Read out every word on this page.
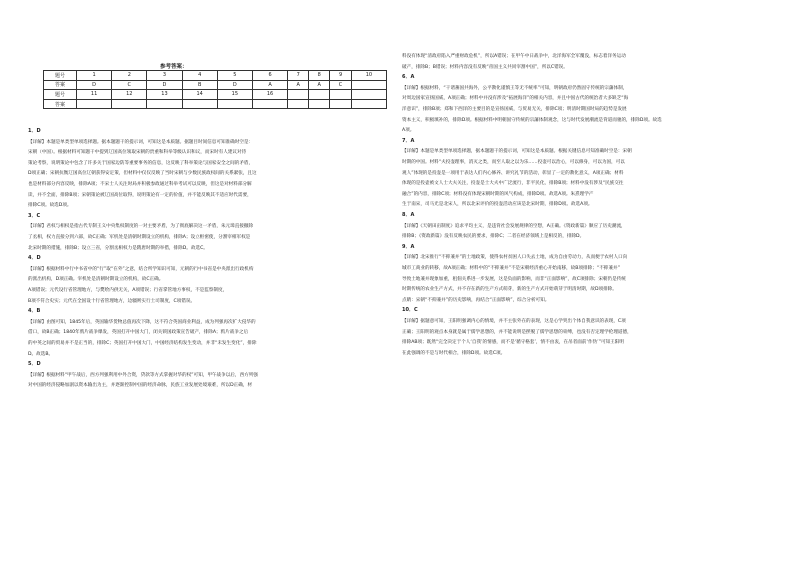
参考答案：
题号	1	2	3	4	5	6	7	8	9	10
答案	D	C	D	B	D	A	A	A	C	
题号	11	12	13	14	15	16				
答案										
1．D
【详解】本题是单类型单项选择题。据本题题干的提示词，可知这是本质题。据题目时间信息可知准确时空是：
宋朝（中国）。根据材料可知题干中提到辽国高位领取宋朝的贵重和科举等级认识和议，而宋时有人建议对待
策论考察，说明策论中包含了许多关于国家边防等重要事务的信息，这反映了科举策论与国家安全之间的矛盾，
D项正确；宋朝抗衡辽国高位辽朝获得安定策，但材料中仅仅反映了当时宋朝与少数民族政权间的关系紧张，且这
也是材料部分内容反映，排除A项；不宋士人关注时局并积极参政通过科举考试可以反映，但这是对材料部分解
读，并不全面，排除B项；宋朝策论被辽国高位取得，说明策论有一定的价值，并不能反映其不适应时代需要，
排除C项。故选D项。
3．C
【详解】君权与相权是指古代专制王义中央集权制度的一对主要矛盾，为了彻底解决这一矛盾，朱元璋直接撤除
了丞相，权力直接分到六部，故C正确；军机处是清朝时期设立的机构，排除A；设立枢密使，分割宰相军权是
北宋时期的措施，排除B；设立三省，分割丞相权力是隋唐时期的举措，排除D。故选C。
4．D
【详解】根据材料中行中书省中的“行”取“在外”之意，结合所学知识可知，元朝的行中书省是中央派出行政机构
的派出机构，D项正确。宰机处是清朝时期设立的机构，故C正确。
A项错误；元代设行省管理地方，与樊哙内供无关，A项错误；行省掌管地方事权，不是监察制度，
B项不符合史实；元代在全国设十行省管理地方，边疆则实行土司制度，C项错误。
4．B
【详解】由图可知，1845年后，英国输华货物总值再次下降，这不符合英国商业利益，成为列强再次扩大侵华的
借口，故B正确；1840年鸦片战争爆发，英国打开中国大门，闭关锁国政策宣告破产，排除A；鸦片战争之后
的中英之间的贸易并不是正当的，排除C；英国打开中国大门，中国经济结构发生变动，并非“未发生变化”，排除
D。故选B。
5．D
【详解】根据材料“甲午战后，西方列强利用中外合资，贷款等方式掌握对华的权”可知，甲午战争以后，西方列强
对中国的经济侵略加剧以资本输出为主，并逐渐控制中国的经济命脉，民族工业发展处境艰难，所以D正确，材
料没有体现“清政府陷入严重财政危机”，所以A错误；在甲午中日战争中，北洋海军全军覆没，标志着洋务运动
破产，排除B；B错误；材料内容没有反映“帝国主义共同宰割中国”，所以C错误。
6．A
【详解】根据材料，“干诸蕃国共海外，公平教化谨慎王等无不统率”可知，明朝政府仍然固守传统的宗藩体制，
对周边国家宣扬国威，A项正确；材料中并没有涉及“拓展海洋”的相关内容，并且中国古代的统治者大多缺乏“海
洋意识”，排除B项；郑和下西洋的主要目的是宣扬国威，与贸易无关，排除C项；明清时期国时局的趋势是发展
资本主义，积极填补的，排除D项。根据材料中明朝固守传统的宗藩体制观念，这与时代发展潮流是背道而驰的，排除D项。故选
A项。
7．A
【详解】本题是单类型单项选择题，据本题题干的提示词，可知这是本质题。根据关键信息可知准确时空是：宋朝
时期的中国。材料“夫投壶理事，消灭之类，而至人取之以为乐……投壶可以治心，可以修身，可以为国，可以
观人”体现的是投壶是一项用于表达人们内心修养、讲究礼节的活动，彰显了一定的教化意义，A项正确；材料
体现的是投壶被文人士大夫关注，投壶是士大夫中广泛流行，非平民化，排除B项；材料中没有涉及“民族交往
融合”的内容，排除C项；材料没有体现宋朝时期的风气构成，排除D项。故选A项。朱熹理学产
生于南宋，司马光是北宋人，所以北宋评价的投壶活动应该是北宋时期，排除D项。故选A项。
8．A
【详解】《天朝田亩制度》追求平均主义，是违背社会发展规律的空想，A正确。《资政新篇》顺应了历史潮流，
排除B；《资政新篇》没有反映农民的要求，排除C；二者在经济领域上是相反的，排除D。
9．A
【详解】北宋推行“不抑兼并”的土地政策，使得农村贫困人口失去土地，成为自由劳动力，从而便于农村人口向
城市工商业的转移，故A项正确；材料中的“不抑兼并”不是宋朝经济重心开始南移，故B项排除；“不抑兼并”
导致土地兼并现象加重，租佃关系进一步发展，这是负面的影响，而非“正面影响”，故C项排除；宋朝仍是传统
时期传统的农业生产方式，并不存在新的生产方式萌芽，新的生产方式开始萌芽于明清时期，故D项排除。
点睛：宋朝“不抑兼并”的历史影响，再结合“正面影响”，综合分析可知。
10．C
【详解】据题意可知，王阳明强调内心的情境，并不主张外在的表现，这是心学突出个体自我意识的表现，C项
正确；王阳明的观点本身就是属于儒学思想的，并不能说明是摆脱了儒学思想的束缚，也没有否定理学伦理道德，
排除AB项；既然“完全决定于个人‘自我’的情感，而不是‘循守格套’，情不由衷，在吊者面前‘作伪’”可知王阳明
在此强调的不是与时代相合，排除D项。故选C项。
